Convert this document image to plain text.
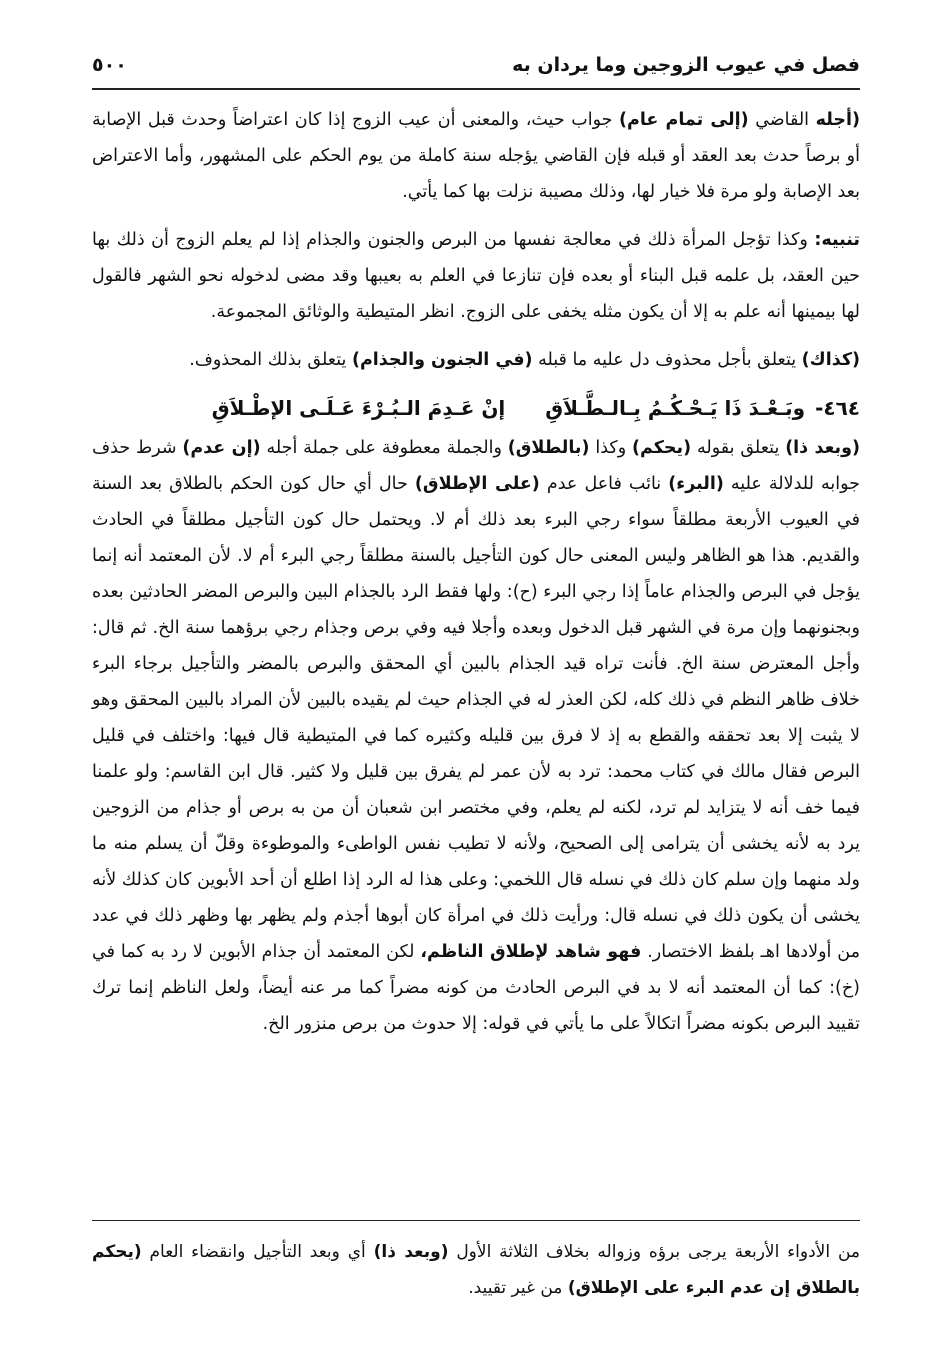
فصل في عيوب الزوجين وما يردان به
٥٠٠

(أجله القاضي (إلى تمام عام) جواب حيث، والمعنى أن عيب الزوج إذا كان اعتراضاً وحدث قبل الإصابة أو برصاً حدث بعد العقد أو قبله فإن القاضي يؤجله سنة كاملة من يوم الحكم على المشهور، وأما الاعتراض بعد الإصابة ولو مرة فلا خيار لها، وذلك مصيبة نزلت بها كما يأتي.

تنبيه: وكذا تؤجل المرأة ذلك في معالجة نفسها من البرص والجنون والجذام إذا لم يعلم الزوج أن ذلك بها حين العقد، بل علمه قبل البناء أو بعده فإن تنازعا في العلم به بعيبها وقد مضى لدخوله نحو الشهر فالقول لها بيمينها أنه علم به إلا أن يكون مثله يخفى على الزوج. انظر المتيطية والوثائق المجموعة.

(كذاك) يتعلق بأجل محذوف دل عليه ما قبله (في الجنون والجذام) يتعلق بذلك المحذوف.

٤٦٤-وبَـعْـدَ ذَا يَـحْـكُـمُ بِـالـطَّـلاَقِإنْ عَـدِمَ الـبُـرْءَ عَـلَـى الإطْـلاَقِ

(وبعد ذا) يتعلق بقوله (يحكم) وكذا (بالطلاق) والجملة معطوفة على جملة أجله (إن عدم) شرط حذف جوابه للدلالة عليه (البرء) نائب فاعل عدم (على الإطلاق) حال أي حال كون الحكم بالطلاق بعد السنة في العيوب الأربعة مطلقاً سواء رجي البرء بعد ذلك أم لا. ويحتمل حال كون التأجيل مطلقاً في الحادث والقديم. هذا هو الظاهر وليس المعنى حال كون التأجيل بالسنة مطلقاً رجي البرء أم لا. لأن المعتمد أنه إنما يؤجل في البرص والجذام عاماً إذا رجي البرء (ح): ولها فقط الرد بالجذام البين والبرص المضر الحادثين بعده وبجنونهما وإن مرة في الشهر قبل الدخول وبعده وأجلا فيه وفي برص وجذام رجي برؤهما سنة الخ. ثم قال: وأجل المعترض سنة الخ. فأنت تراه قيد الجذام بالبين أي المحقق والبرص بالمضر والتأجيل برجاء البرء خلاف ظاهر النظم في ذلك كله، لكن العذر له في الجذام حيث لم يقيده بالبين لأن المراد بالبين المحقق وهو لا يثبت إلا بعد تحققه والقطع به إذ لا فرق بين قليله وكثيره كما في المتيطية قال فيها: واختلف في قليل البرص فقال مالك في كتاب محمد: ترد به لأن عمر لم يفرق بين قليل ولا كثير. قال ابن القاسم: ولو علمنا فيما خف أنه لا يتزايد لم ترد، لكنه لم يعلم، وفي مختصر ابن شعبان أن من به برص أو جذام من الزوجين يرد به لأنه يخشى أن يترامى إلى الصحيح، ولأنه لا تطيب نفس الواطىء والموطوءة وقلّ أن يسلم منه ما ولد منهما وإن سلم كان ذلك في نسله قال اللخمي: وعلى هذا له الرد إذا اطلع أن أحد الأبوين كان كذلك لأنه يخشى أن يكون ذلك في نسله قال: ورأيت ذلك في امرأة كان أبوها أجذم ولم يظهر بها وظهر ذلك في عدد من أولادها اهـ بلفظ الاختصار. فهو شاهد لإطلاق الناظم، لكن المعتمد أن جذام الأبوين لا رد به كما في (خ): كما أن المعتمد أنه لا بد في البرص الحادث من كونه مضراً كما مر عنه أيضاً، ولعل الناظم إنما ترك تقييد البرص بكونه مضراً اتكالاً على ما يأتي في قوله: إلا حدوث من برص منزور الخ.

من الأدواء الأربعة يرجى برؤه وزواله بخلاف الثلاثة الأول (وبعد ذا) أي وبعد التأجيل وانقضاء العام (يحكم بالطلاق إن عدم البرء على الإطلاق) من غير تقييد.
